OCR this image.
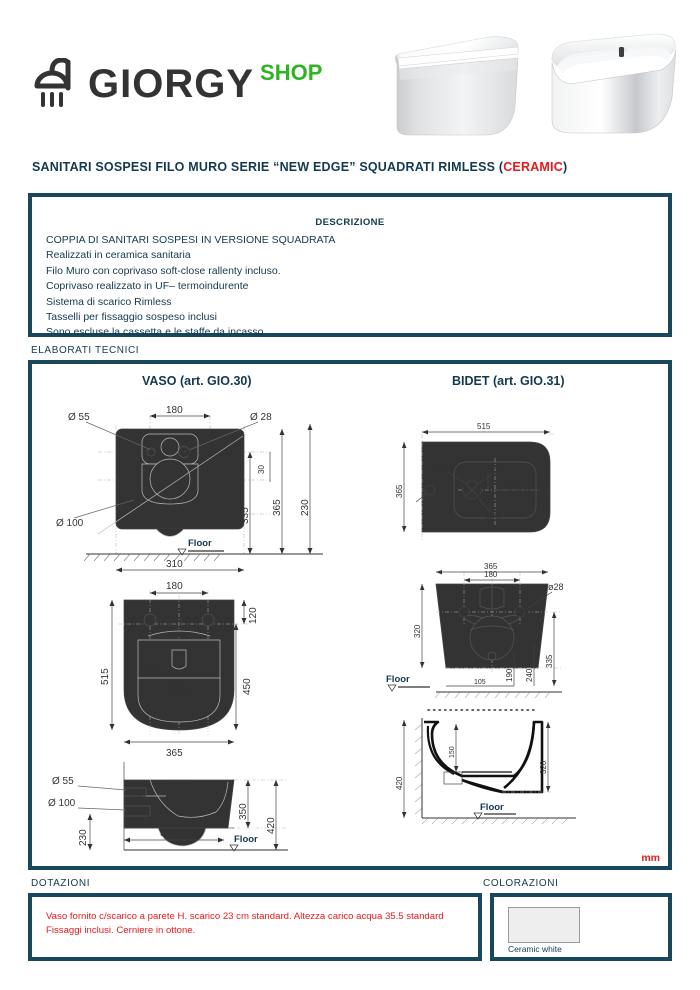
GIORGY SHOP
SANITARI SOSPESI FILO MURO SERIE “NEW EDGE” SQUADRATI RIMLESS (CERAMIC)
DESCRIZIONE
COPPIA DI SANITARI SOSPESI IN VERSIONE SQUADRATA
Realizzati in ceramica sanitaria
Filo Muro con coprivaso soft-close rallenty incluso.
Coprivaso realizzato in UF– termoindurente
Sistema di scarico Rimless
Tasselli per fissaggio sospeso inclusi
Sono escluse la cassetta e le staffe da incasso
ELABORATI TECNICI
VASO (art. GIO.30)	BIDET (art. GIO.31)
Ø 55	Ø 28
Ø 100
180
335
30
365 230
Floor
310
280
350
180
120
450
515
365
Ø 55
Ø 100	350
420
230	390
Floor
ø35	ø45
ø70
280	335
515
365
ø28
365
180
320
335
240
190
105
Floor
150
320
420
Floor
mm
DOTAZIONI	COLORAZIONI
Vaso fornito c/scarico a parete H. scarico 23 cm standard. Altezza carico acqua 35.5 standard
Fissaggi inclusi. Cerniere in ottone.
Ceramic white
